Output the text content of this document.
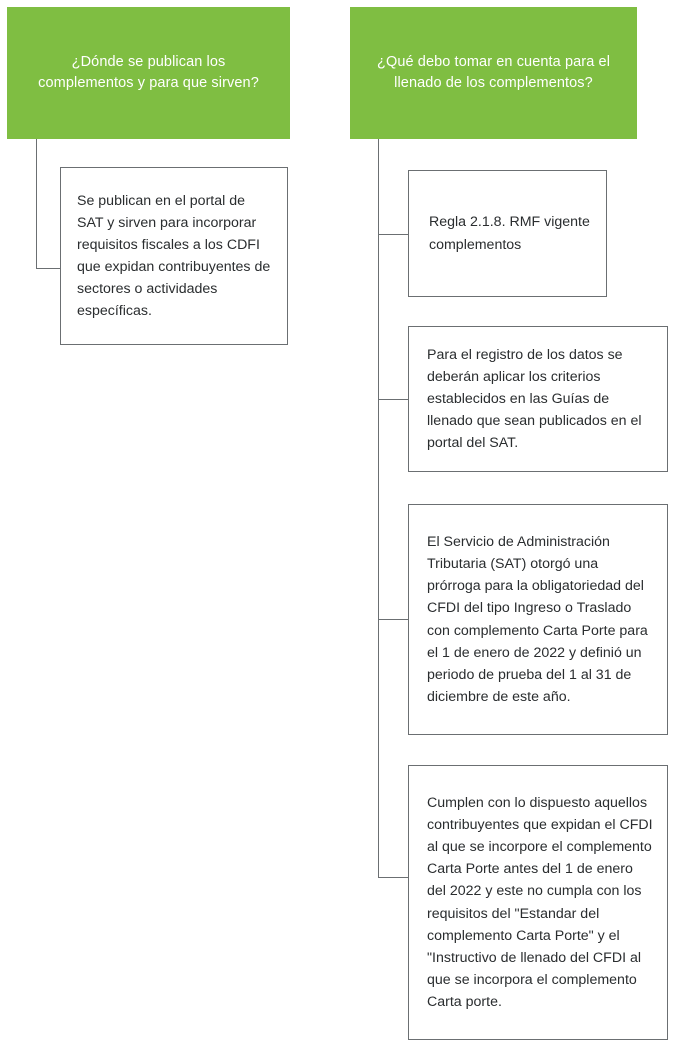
¿Dónde se publican los complementos y para que sirven?
Se publican en el portal de SAT y sirven para incorporar requisitos fiscales a los CDFI que expidan contribuyentes de sectores o actividades específicas.
¿Qué debo tomar en cuenta para el llenado de los complementos?
Regla 2.1.8. RMF vigente complementos
Para el registro de los datos se deberán aplicar los criterios establecidos en las Guías de llenado que sean publicados en el portal del SAT.
El Servicio de Administración Tributaria (SAT) otorgó una prórroga para la obligatoriedad del CFDI del tipo Ingreso o Traslado con complemento Carta Porte para el 1 de enero de 2022 y definió un periodo de prueba del 1 al 31 de diciembre de este año.
Cumplen con lo dispuesto aquellos contribuyentes que expidan el CFDI al que se incorpore el complemento Carta Porte antes del 1 de enero del 2022 y este no cumpla con los requisitos del "Estandar del complemento Carta Porte" y el "Instructivo de llenado del CFDI al que se incorpora el complemento Carta porte.
